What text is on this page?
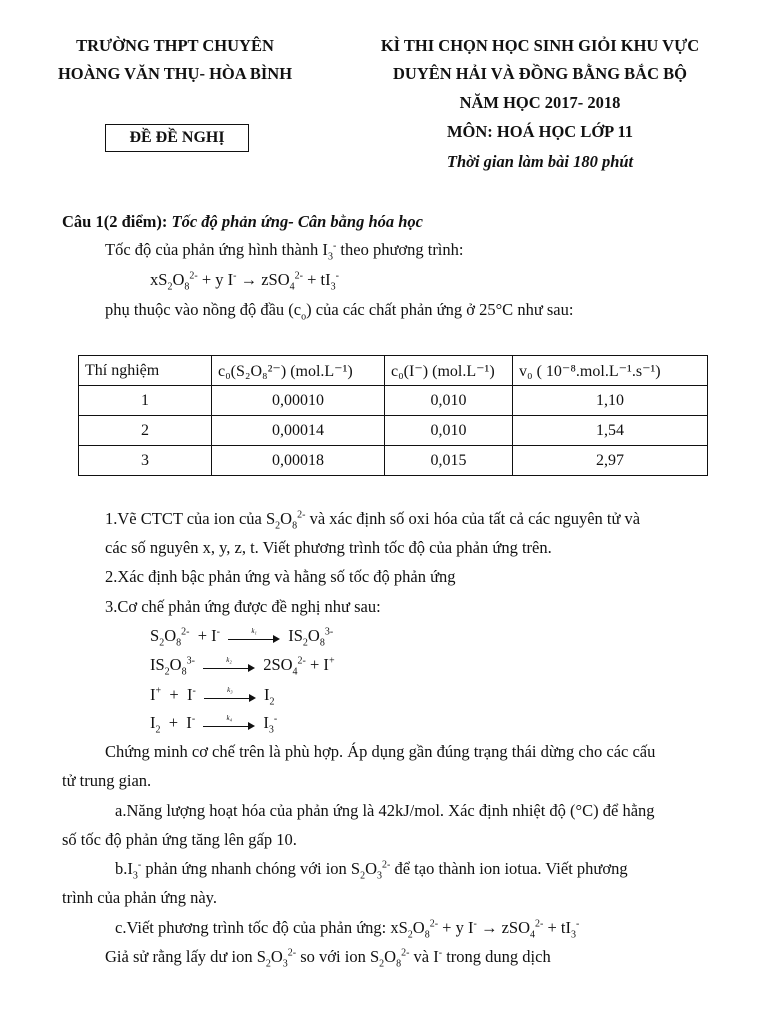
TRƯỜNG THPT CHUYÊN
HOÀNG VĂN THỤ- HÒA BÌNH
KÌ THI CHỌN HỌC SINH GIỎI KHU VỰC
DUYÊN HẢI VÀ ĐỒNG BẰNG BẮC BỘ
NĂM HỌC 2017- 2018
MÔN: HOÁ HỌC LỚP 11
Thời gian làm bài 180 phút
ĐỀ ĐỀ NGHỊ
Câu 1(2 điểm): Tốc độ phản ứng- Cân bằng hóa học
Tốc độ của phản ứng hình thành $I_3^-$ theo phương trình:
$xS_2O_8^{2-} + y$ $I^- \to zSO_4^{2-} + tI_3^-$
phụ thuộc vào nồng độ đầu $(c_o)$ của các chất phản ứng ở 25°C như sau:
Thí nghiệm	c₀(S₂O₈²⁻) (mol.L⁻¹)	c₀(I⁻) (mol.L⁻¹)	v₀ ( 10⁻⁸.mol.L⁻¹.s⁻¹)
1	0,00010	0,010	1,10
2	0,00014	0,010	1,54
3	0,00018	0,015	2,97
1.Vẽ CTCT của ion của $S_2O_8^{2-}$ và xác định số oxi hóa của tất cả các nguyên tử và
các số nguyên x, y, z, t. Viết phương trình tốc độ của phản ứng trên.
2.Xác định bậc phản ứng và hằng số tốc độ phản ứng
3.Cơ chế phản ứng được đề nghị như sau:
$S_2O_8^{2-} + I^-$	k₁	$IS_2O_8^{3-}$
$IS_2O_8^{3-}$	k₂	$2SO_4^{2-} + I^+$
I+  +  I-	k₃	$I_2$
$I_2 + I^-$	k₄	$I_3^-$
Chứng minh cơ chế trên là phù hợp. Áp dụng gần đúng trạng thái dừng cho các cấu
tử trung gian.
a.Năng lượng hoạt hóa của phản ứng là 42kJ/mol. Xác định nhiệt độ (°C) để hằng
số tốc độ phản ứng tăng lên gấp 10.
$b.I_3^-$ phản ứng nhanh chóng với ion $S_2O_3^{2-}$ để tạo thành ion iotua. Viết phương
trình của phản ứng này.
c.Viết phương trình tốc độ của phản ứng: $xS_2O_8^{2-} + y$ $I^- \to zSO_4^{2-} + tI_3^-$
Giả sử rằng lấy dư ion $S_2O_3^{2-}$ so với ion $S_2O_8^{2-}$ và I- trong dung dịch
